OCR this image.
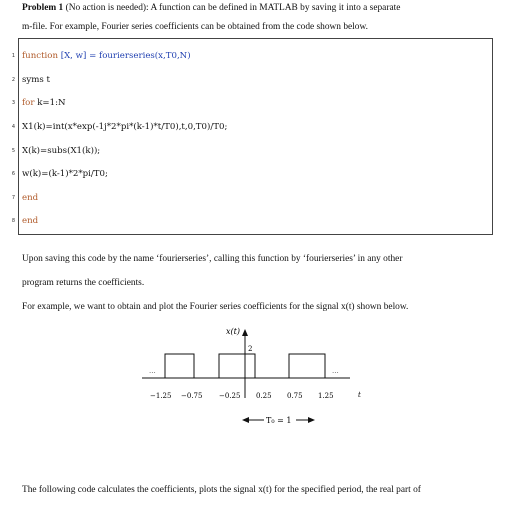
Problem 1 (No action is needed): A function can be defined in MATLAB by saving it into a separate
m-file. For example, Fourier series coefficients can be obtained from the code shown below.
1 function [X, w] = fourierseries(x,T0,N)
2 syms t
3 for k=1:N
4 X1(k)=int(x*exp(-1j*2*pi*(k-1)*t/T0),t,0,T0)/T0;
5 X(k)=subs(X1(k));
6 w(k)=(k-1)*2*pi/T0;
7 end
8 end
Upon saving this code by the name ‘fourierseries’, calling this function by ‘fourierseries’ in any other
program returns the coefficients.
For example, we want to obtain and plot the Fourier series coefficients for the signal x(t) shown below.
x(t)
2
...	...
−1.25 −0.75 −0.25 0.25 0.75 1.25	t
T₀ = 1
The following code calculates the coefficients, plots the signal x(t) for the specified period, the real part of
